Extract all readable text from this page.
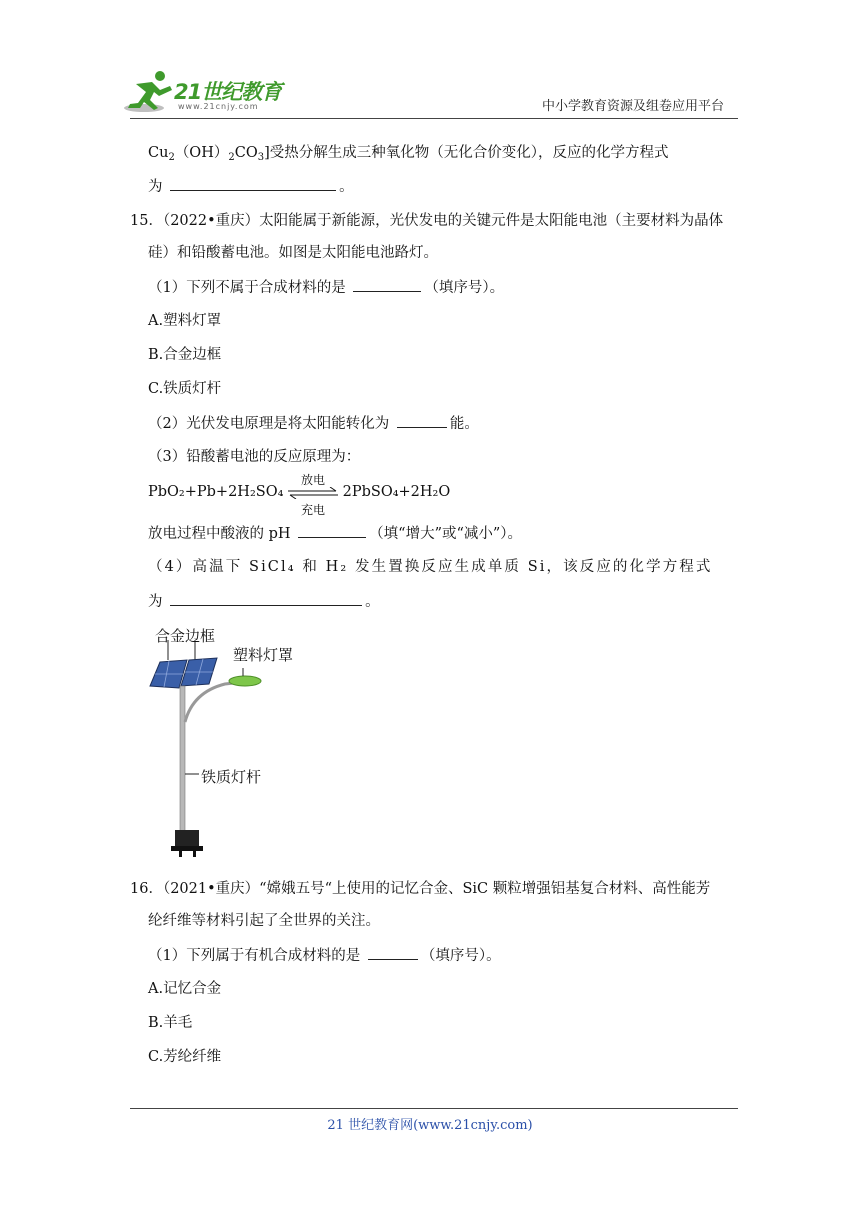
21世纪教育
www.21cnjy.com	中小学教育资源及组卷应用平台
$Cu_2(OH)_2CO_3$]受热分解生成三种氧化物（无化合价变化），反应的化学方程式
为	。
15．（2022•重庆）太阳能属于新能源，光伏发电的关键元件是太阳能电池（主要材料为晶体
硅）和铅酸蓄电池。如图是太阳能电池路灯。
（1）下列不属于合成材料的是	（填序号）。
A.塑料灯罩
B.合金边框
C.铁质灯杆
（2）光伏发电原理是将太阳能转化为	能。
（3）铅酸蓄电池的反应原理为：
PbO₂+Pb+2H₂SO₄
放电
充电
2PbSO₄+2H₂O
放电过程中酸液的 pH	（填“增大”或“减小”）。
（4）高温下 SiCl₄ 和 H₂ 发生置换反应生成单质 Si，该反应的化学方程式
为	。
合金边框
塑料灯罩
铁质灯杆
16．（2021•重庆）“嫦娥五号“上使用的记忆合金、SiC 颗粒增强铝基复合材料、高性能芳
纶纤维等材料引起了全世界的关注。
（1）下列属于有机合成材料的是	（填序号）。
A.记忆合金
B.羊毛
C.芳纶纤维
21 世纪教育网(www.21cnjy.com)
